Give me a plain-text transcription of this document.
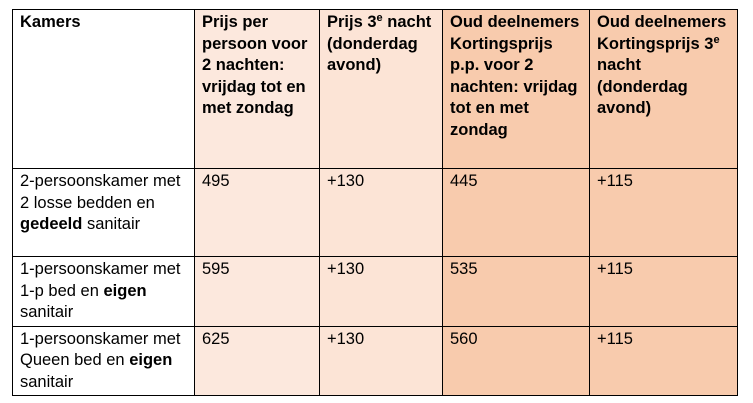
Kamers	Prijs per persoon voor 2 nachten: vrijdag tot en met zondag	Prijs 3e nacht (donderdag avond)	Oud deelnemers Kortingsprijs p.p. voor 2 nachten: vrijdag tot en met zondag	Oud deelnemers Kortingsprijs 3e nacht (donderdag avond)
2-persoonskamer met 2 losse bedden en gedeeld sanitair	495	+130	445	+115
1-persoonskamer met 1-p bed en eigen sanitair	595	+130	535	+115
1-persoonskamer met Queen bed en eigen sanitair	625	+130	560	+115
